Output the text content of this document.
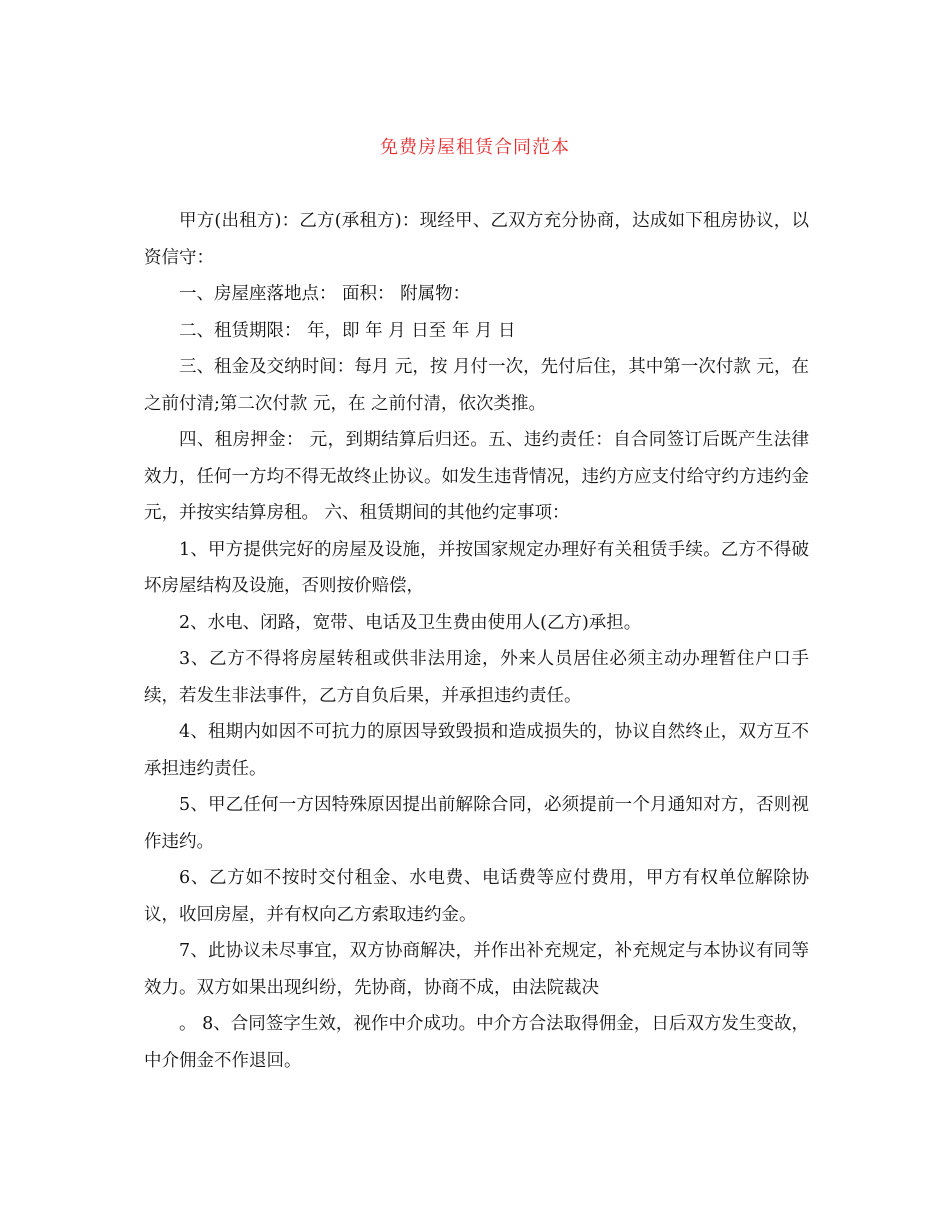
免费房屋租赁合同范本

甲方(出租方)：乙方(承租方)：现经甲、乙双方充分协商，达成如下租房协议，以资信守：

一、房屋座落地点： 面积： 附属物：

二、租赁期限： 年，即 年 月 日至 年 月 日

三、租金及交纳时间：每月 元，按 月付一次，先付后住，其中第一次付款 元，在 之前付清;第二次付款 元，在 之前付清，依次类推。

四、租房押金： 元，到期结算后归还。五、违约责任：自合同签订后既产生法律效力，任何一方均不得无故终止协议。如发生违背情况，违约方应支付给守约方违约金 元，并按实结算房租。 六、租赁期间的其他约定事项：

1、甲方提供完好的房屋及设施，并按国家规定办理好有关租赁手续。乙方不得破坏房屋结构及设施，否则按价赔偿，

2、水电、闭路，宽带、电话及卫生费由使用人(乙方)承担。

3、乙方不得将房屋转租或供非法用途，外来人员居住必须主动办理暂住户口手续，若发生非法事件，乙方自负后果，并承担违约责任。

4、租期内如因不可抗力的原因导致毁损和造成损失的，协议自然终止，双方互不承担违约责任。

5、甲乙任何一方因特殊原因提出前解除合同，必须提前一个月通知对方，否则视作违约。

6、乙方如不按时交付租金、水电费、电话费等应付费用，甲方有权单位解除协议，收回房屋，并有权向乙方索取违约金。

7、此协议未尽事宜，双方协商解决，并作出补充规定，补充规定与本协议有同等效力。双方如果出现纠纷，先协商，协商不成，由法院裁决

。 8、合同签字生效，视作中介成功。中介方合法取得佣金，日后双方发生变故，中介佣金不作退回。
